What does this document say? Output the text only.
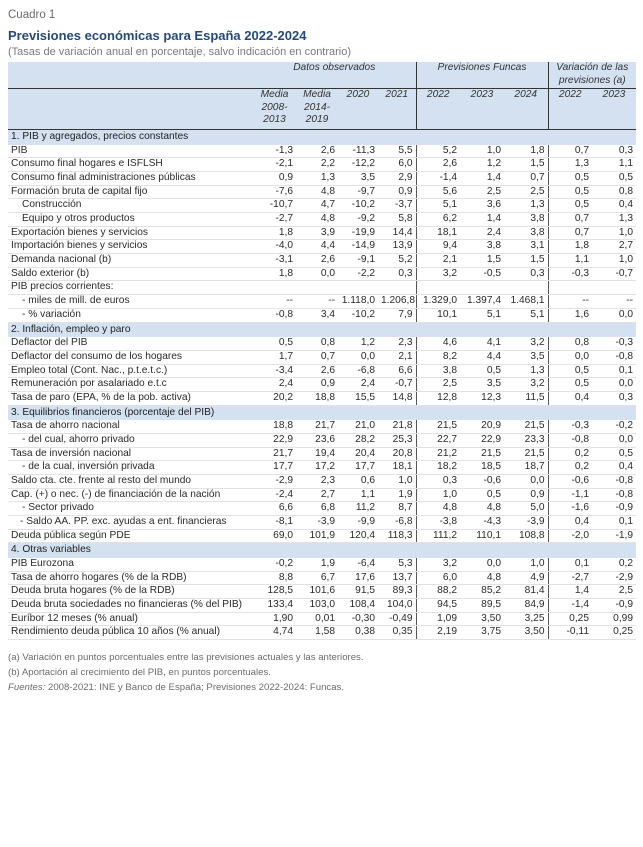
Cuadro 1
Previsiones económicas para España 2022-2024
(Tasas de variación anual en porcentaje, salvo indicación en contrario)
	Datos observados				Previsiones Funcas			Variación de las previsiones (a)	
	Media 2008-2013	Media 2014-2019	2020	2021	2022	2023	2024	2022	2023
1. PIB y agregados, precios constantes									
PIB	-1,3	2,6	-11,3	5,5	5,2	1,0	1,8	0,7	0,3
Consumo final hogares e ISFLSH	-2,1	2,2	-12,2	6,0	2,6	1,2	1,5	1,3	1,1
Consumo final administraciones públicas	0,9	1,3	3,5	2,9	-1,4	1,4	0,7	0,5	0,5
Formación bruta de capital fijo	-7,6	4,8	-9,7	0,9	5,6	2,5	2,5	0,5	0,8
Construcción	-10,7	4,7	-10,2	-3,7	5,1	3,6	1,3	0,5	0,4
Equipo y otros productos	-2,7	4,8	-9,2	5,8	6,2	1,4	3,8	0,7	1,3
Exportación bienes y servicios	1,8	3,9	-19,9	14,4	18,1	2,4	3,8	0,7	1,0
Importación bienes y servicios	-4,0	4,4	-14,9	13,9	9,4	3,8	3,1	1,8	2,7
Demanda nacional (b)	-3,1	2,6	-9,1	5,2	2,1	1,5	1,5	1,1	1,0
Saldo exterior (b)	1,8	0,0	-2,2	0,3	3,2	-0,5	0,3	-0,3	-0,7
PIB precios corrientes:									
- miles de mill. de euros	--	--	1.118,0	1.206,8	1.329,0	1.397,4	1.468,1	--	--
- % variación	-0,8	3,4	-10,2	7,9	10,1	5,1	5,1	1,6	0,0
2. Inflación, empleo y paro									
Deflactor del PIB	0,5	0,8	1,2	2,3	4,6	4,1	3,2	0,8	-0,3
Deflactor del consumo de los hogares	1,7	0,7	0,0	2,1	8,2	4,4	3,5	0,0	-0,8
Empleo total (Cont. Nac., p.t.e.t.c.)	-3,4	2,6	-6,8	6,6	3,8	0,5	1,3	0,5	0,1
Remuneración por asalariado e.t.c	2,4	0,9	2,4	-0,7	2,5	3,5	3,2	0,5	0,0
Tasa de paro (EPA, % de la pob. activa)	20,2	18,8	15,5	14,8	12,8	12,3	11,5	0,4	0,3
3. Equilibrios financieros (porcentaje del PIB)									
Tasa de ahorro nacional	18,8	21,7	21,0	21,8	21,5	20,9	21,5	-0,3	-0,2
- del cual, ahorro privado	22,9	23,6	28,2	25,3	22,7	22,9	23,3	-0,8	0,0
Tasa de inversión nacional	21,7	19,4	20,4	20,8	21,2	21,5	21,5	0,2	0,5
- de la cual, inversión privada	17,7	17,2	17,7	18,1	18,2	18,5	18,7	0,2	0,4
Saldo cta. cte. frente al resto del mundo	-2,9	2,3	0,6	1,0	0,3	-0,6	0,0	-0,6	-0,8
Cap. (+) o nec. (-) de financiación de la nación	-2,4	2,7	1,1	1,9	1,0	0,5	0,9	-1,1	-0,8
- Sector privado	6,6	6,8	11,2	8,7	4,8	4,8	5,0	-1,6	-0,9
- Saldo AA. PP. exc. ayudas a ent. financieras	-8,1	-3,9	-9,9	-6,8	-3,8	-4,3	-3,9	0,4	0,1
Deuda pública según PDE	69,0	101,9	120,4	118,3	111,2	110,1	108,8	-2,0	-1,9
4. Otras variables									
PIB Eurozona	-0,2	1,9	-6,4	5,3	3,2	0,0	1,0	0,1	0,2
Tasa de ahorro hogares (% de la RDB)	8,8	6,7	17,6	13,7	6,0	4,8	4,9	-2,7	-2,9
Deuda bruta hogares (% de la RDB)	128,5	101,6	91,5	89,3	88,2	85,2	81,4	1,4	2,5
Deuda bruta sociedades no financieras (% del PIB)	133,4	103,0	108,4	104,0	94,5	89,5	84,9	-1,4	-0,9
Euríbor 12 meses (% anual)	1,90	0,01	-0,30	-0,49	1,09	3,50	3,25	0,25	0,99
Rendimiento deuda pública 10 años (% anual)	4,74	1,58	0,38	0,35	2,19	3,75	3,50	-0,11	0,25
(a) Variación en puntos porcentuales entre las previsiones actuales y las anteriores.
(b) Aportación al crecimiento del PIB, en puntos porcentuales.
Fuentes: 2008-2021: INE y Banco de España; Previsiones 2022-2024: Funcas.
